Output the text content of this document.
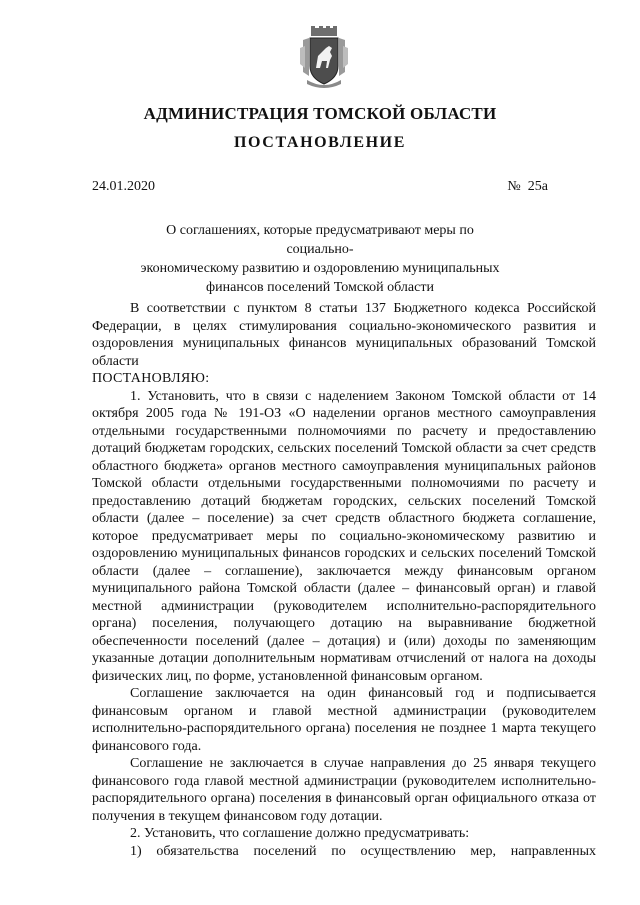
АДМИНИСТРАЦИЯ ТОМСКОЙ ОБЛАСТИ
ПОСТАНОВЛЕНИЕ
24.01.2020	№  25а
О соглашениях, которые предусматривают меры по социально-
экономическому развитию и оздоровлению муниципальных
финансов поселений Томской области

В соответствии с пунктом 8 статьи 137 Бюджетного кодекса Российской Федерации, в целях стимулирования социально-экономического развития и оздоровления муниципальных финансов муниципальных образований Томской области

ПОСТАНОВЛЯЮ:

1. Установить, что в связи с наделением Законом Томской области от 14 октября 2005 года № 191-ОЗ «О наделении органов местного самоуправления отдельными государственными полномочиями по расчету и предоставлению дотаций бюджетам городских, сельских поселений Томской области за счет средств областного бюджета» органов местного самоуправления муниципальных районов Томской области отдельными государственными полномочиями по расчету и предоставлению дотаций бюджетам городских, сельских поселений Томской области (далее – поселение) за счет средств областного бюджета соглашение, которое предусматривает меры по социально-экономическому развитию и оздоровлению муниципальных финансов городских и сельских поселений Томской области (далее – соглашение), заключается между финансовым органом муниципального района Томской области (далее – финансовый орган) и главой местной администрации (руководителем исполнительно-распорядительного органа) поселения, получающего дотацию на выравнивание бюджетной обеспеченности поселений (далее – дотация) и (или) доходы по заменяющим указанные дотации дополнительным нормативам отчислений от налога на доходы физических лиц, по форме, установленной финансовым органом.

Соглашение заключается на один финансовый год и подписывается финансовым органом и главой местной администрации (руководителем исполнительно-распорядительного органа) поселения не позднее 1 марта текущего финансового года.

Соглашение не заключается в случае направления до 25 января текущего финансового года главой местной администрации (руководителем исполнительно-распорядительного органа) поселения в финансовый орган официального отказа от получения в текущем финансовом году дотации.

2. Установить, что соглашение должно предусматривать:

1) обязательства поселений по осуществлению мер, направленных
